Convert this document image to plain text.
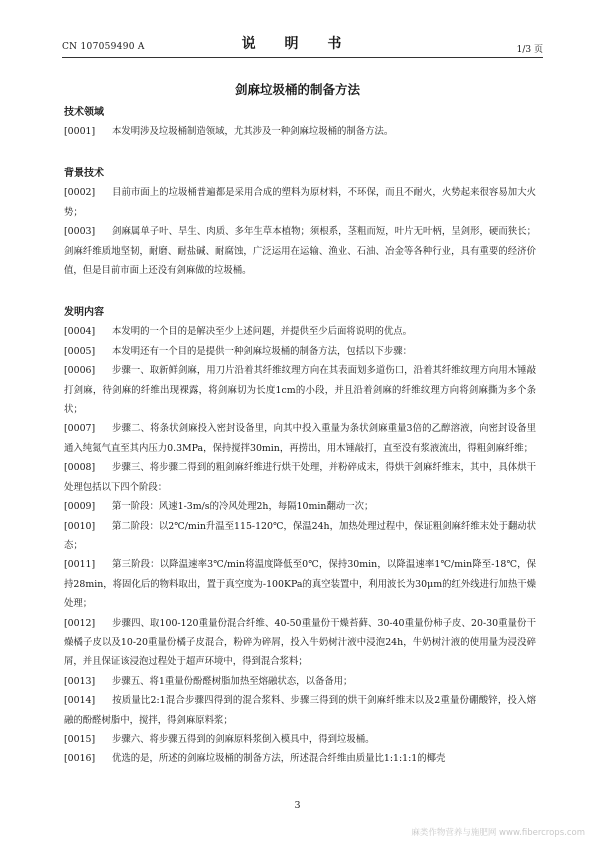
CN 107059490 A	说 明 书	1/3 页
剑麻垃圾桶的制备方法
技术领域

[0001] 本发明涉及垃圾桶制造领域，尤其涉及一种剑麻垃圾桶的制备方法。

背景技术

[0002] 目前市面上的垃圾桶普遍都是采用合成的塑料为原材料，不环保，而且不耐火，火势起来很容易加大火势；

[0003] 剑麻属单子叶、旱生、肉质、多年生草本植物；须根系，茎粗而短，叶片无叶柄，呈剑形，硬而狭长；剑麻纤维质地坚韧，耐磨、耐盐碱、耐腐蚀，广泛运用在运输、渔业、石油、冶金等各种行业，具有重要的经济价值，但是目前市面上还没有剑麻做的垃圾桶。

发明内容

[0004] 本发明的一个目的是解决至少上述问题，并提供至少后面将说明的优点。

[0005] 本发明还有一个目的是提供一种剑麻垃圾桶的制备方法，包括以下步骤：

[0006] 步骤一、取新鲜剑麻，用刀片沿着其纤维纹理方向在其表面划多道伤口，沿着其纤维纹理方向用木锤敲打剑麻，待剑麻的纤维出现裸露，将剑麻切为长度1cm的小段，并且沿着剑麻的纤维纹理方向将剑麻撕为多个条状；

[0007] 步骤二、将条状剑麻投入密封设备里，向其中投入重量为条状剑麻重量3倍的乙醇溶液，向密封设备里通入纯氮气直至其内压力0.3MPa，保持搅拌30min，再捞出，用木锤敲打，直至没有浆液流出，得粗剑麻纤维；

[0008] 步骤三、将步骤二得到的粗剑麻纤维进行烘干处理，并粉碎成末，得烘干剑麻纤维末，其中，具体烘干处理包括以下四个阶段：

[0009] 第一阶段：风速1-3m/s的冷风处理2h，每隔10min翻动一次；

[0010] 第二阶段：以2℃/min升温至115-120℃，保温24h，加热处理过程中，保证粗剑麻纤维末处于翻动状态；

[0011] 第三阶段：以降温速率3℃/min将温度降低至0℃，保持30min，以降温速率1℃/min降至-18℃，保持28min，将固化后的物料取出，置于真空度为-100KPa的真空装置中，利用波长为30μm的红外线进行加热干燥处理；

[0012] 步骤四、取100-120重量份混合纤维、40-50重量份干燥苔藓、30-40重量份柿子皮、20-30重量份干燥橘子皮以及10-20重量份橘子皮混合，粉碎为碎屑，投入牛奶树汁液中浸泡24h，牛奶树汁液的使用量为浸没碎屑，并且保证该浸泡过程处于超声环境中，得到混合浆料；

[0013] 步骤五、将1重量份酚醛树脂加热至熔融状态，以备备用；

[0014] 按质量比2:1混合步骤四得到的混合浆料、步骤三得到的烘干剑麻纤维末以及2重量份硼酸锌，投入熔融的酚醛树脂中，搅拌，得剑麻原料浆；

[0015] 步骤六、将步骤五得到的剑麻原料浆倒入模具中，得到垃圾桶。

[0016] 优选的是，所述的剑麻垃圾桶的制备方法，所述混合纤维由质量比1:1:1:1的椰壳

3
麻类作物营养与施肥网 www.fibercrops.com
